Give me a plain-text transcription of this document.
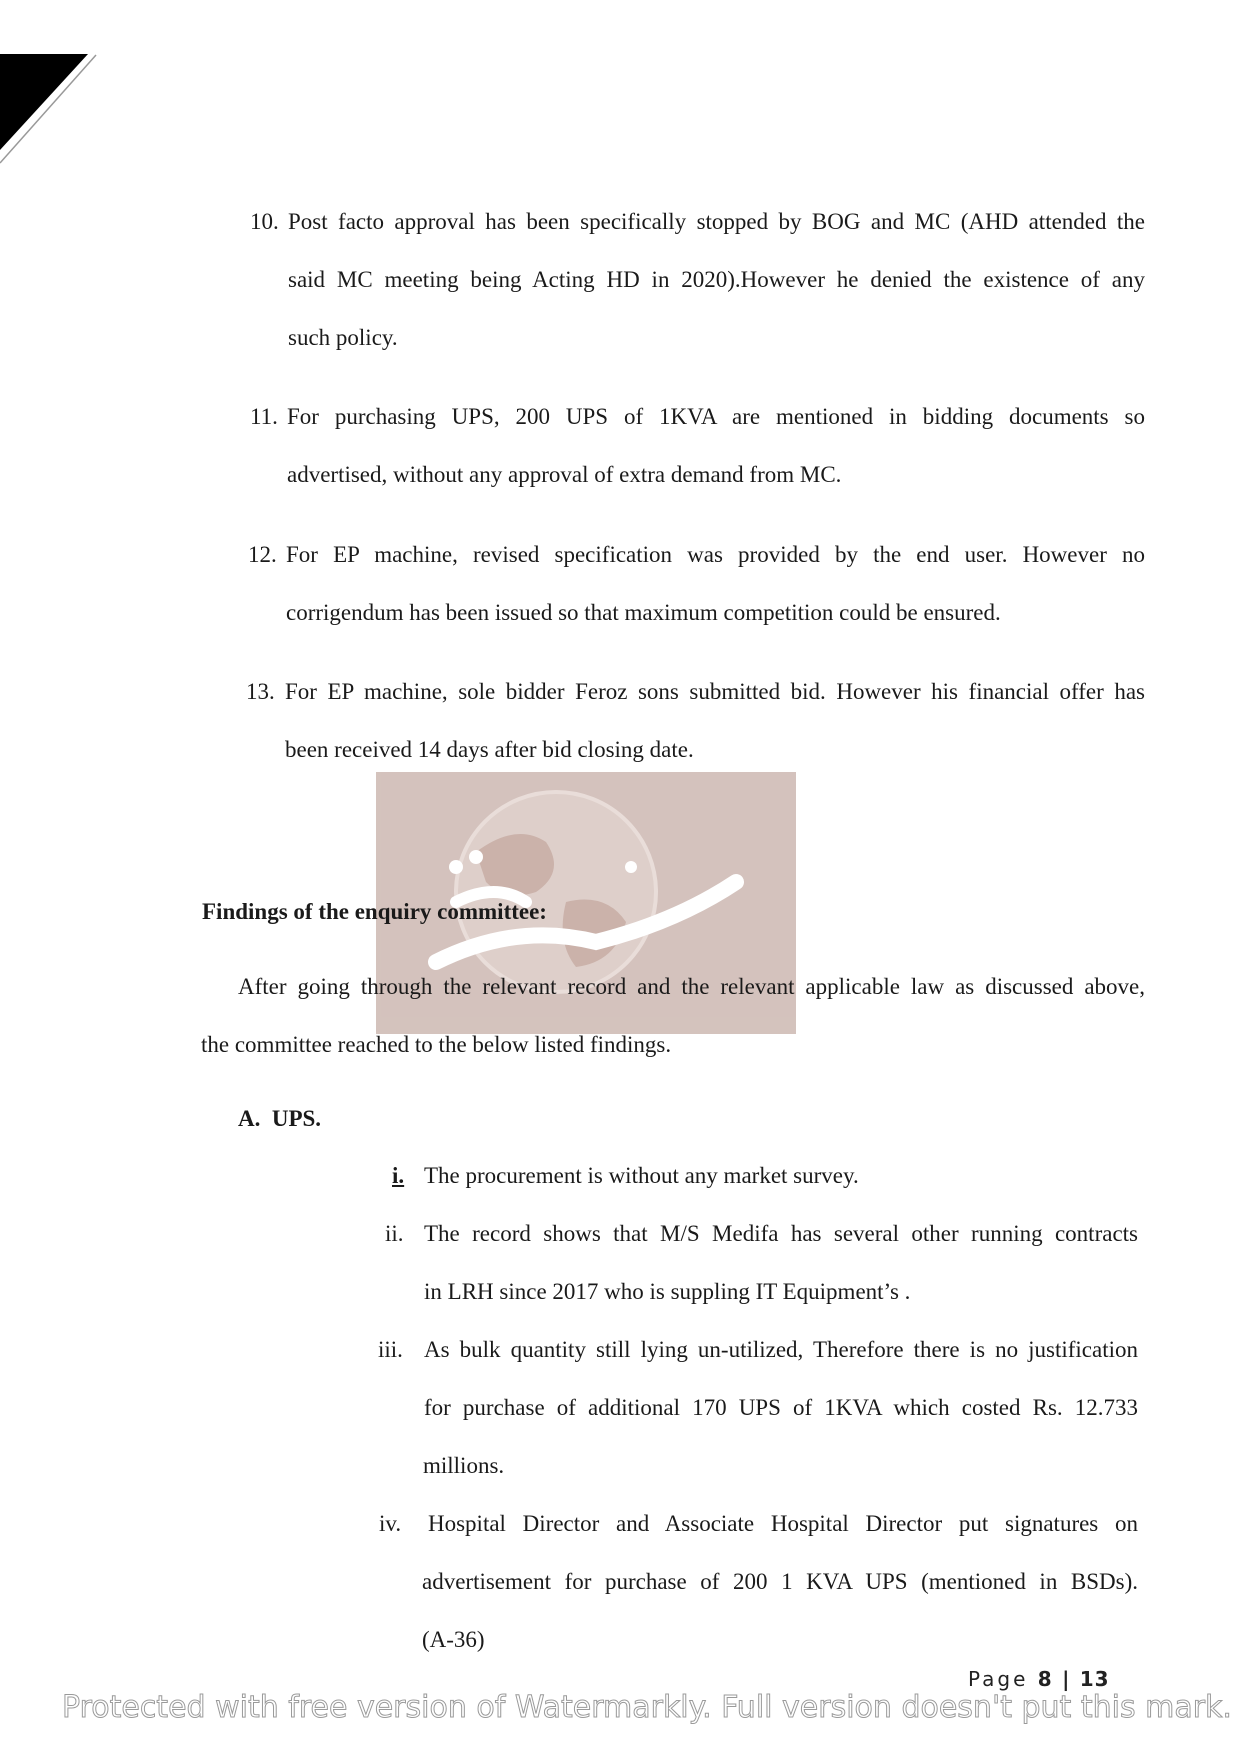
10. Post facto approval has been specifically stopped by BOG and MC (AHD attended the
said MC meeting being Acting HD in 2020).However he denied the existence of any
such policy.
11. For purchasing UPS, 200 UPS of 1KVA are mentioned in bidding documents so
advertised, without any approval of extra demand from MC.
12. For EP machine, revised specification was provided by the end user. However no
corrigendum has been issued so that maximum competition could be ensured.
13. For EP machine, sole bidder Feroz sons submitted bid. However his financial offer has
been received 14 days after bid closing date.
Findings of the enquiry committee:
After going through the relevant record and the relevant applicable law as discussed above,
the committee reached to the below listed findings.
A.  UPS.
i. The procurement is without any market survey.
ii. The record shows that M/S Medifa has several other running contracts
in LRH since 2017 who is suppling IT Equipment’s .
iii. As bulk quantity still lying un-utilized, Therefore there is no justification
for purchase of additional 170 UPS of 1KVA which costed Rs. 12.733
millions.
iv. Hospital Director and Associate Hospital Director put signatures on
advertisement for purchase of 200 1 KVA UPS (mentioned in BSDs).
(A-36)
Page 8 | 13
Protected with free version of Watermarkly. Full version doesn't put this mark.
